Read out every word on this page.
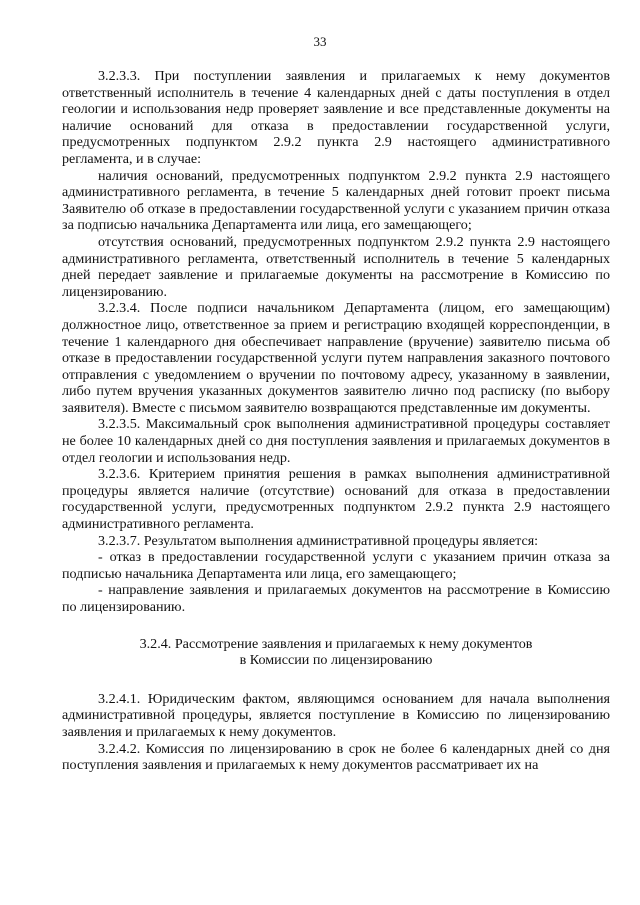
33

3.2.3.3. При поступлении заявления и прилагаемых к нему документов ответственный исполнитель в течение 4 календарных дней с даты поступления в отдел геологии и использования недр проверяет заявление и все представленные документы на наличие оснований для отказа в предоставлении государственной услуги, предусмотренных подпунктом 2.9.2 пункта 2.9 настоящего административного регламента, и в случае:

наличия оснований, предусмотренных подпунктом 2.9.2 пункта 2.9 настоящего административного регламента, в течение 5 календарных дней готовит проект письма Заявителю об отказе в предоставлении государственной услуги с указанием причин отказа за подписью начальника Департамента или лица, его замещающего;

отсутствия оснований, предусмотренных подпунктом 2.9.2 пункта 2.9 настоящего административного регламента, ответственный исполнитель в течение 5 календарных дней передает заявление и прилагаемые документы на рассмотрение в Комиссию по лицензированию.

3.2.3.4. После подписи начальником Департамента (лицом, его замещающим) должностное лицо, ответственное за прием и регистрацию входящей корреспонденции, в течение 1 календарного дня обеспечивает направление (вручение) заявителю письма об отказе в предоставлении государственной услуги путем направления заказного почтового отправления с уведомлением о вручении по почтовому адресу, указанному в заявлении, либо путем вручения указанных документов заявителю лично под расписку (по выбору заявителя). Вместе с письмом заявителю возвращаются представленные им документы.

3.2.3.5. Максимальный срок выполнения административной процедуры составляет не более 10 календарных дней со дня поступления заявления и прилагаемых документов в отдел геологии и использования недр.

3.2.3.6. Критерием принятия решения в рамках выполнения административной процедуры является наличие (отсутствие) оснований для отказа в предоставлении государственной услуги, предусмотренных подпунктом 2.9.2 пункта 2.9 настоящего административного регламента.

3.2.3.7. Результатом выполнения административной процедуры является:

- отказ в предоставлении государственной услуги с указанием причин отказа за подписью начальника Департамента или лица, его замещающего;

- направление заявления и прилагаемых документов на рассмотрение в Комиссию по лицензированию.

3.2.4. Рассмотрение заявления и прилагаемых к нему документов
в Комиссии по лицензированию

3.2.4.1. Юридическим фактом, являющимся основанием для начала выполнения административной процедуры, является поступление в Комиссию по лицензированию заявления и прилагаемых к нему документов.

3.2.4.2. Комиссия по лицензированию в срок не более 6 календарных дней со дня поступления заявления и прилагаемых к нему документов рассматривает их на
